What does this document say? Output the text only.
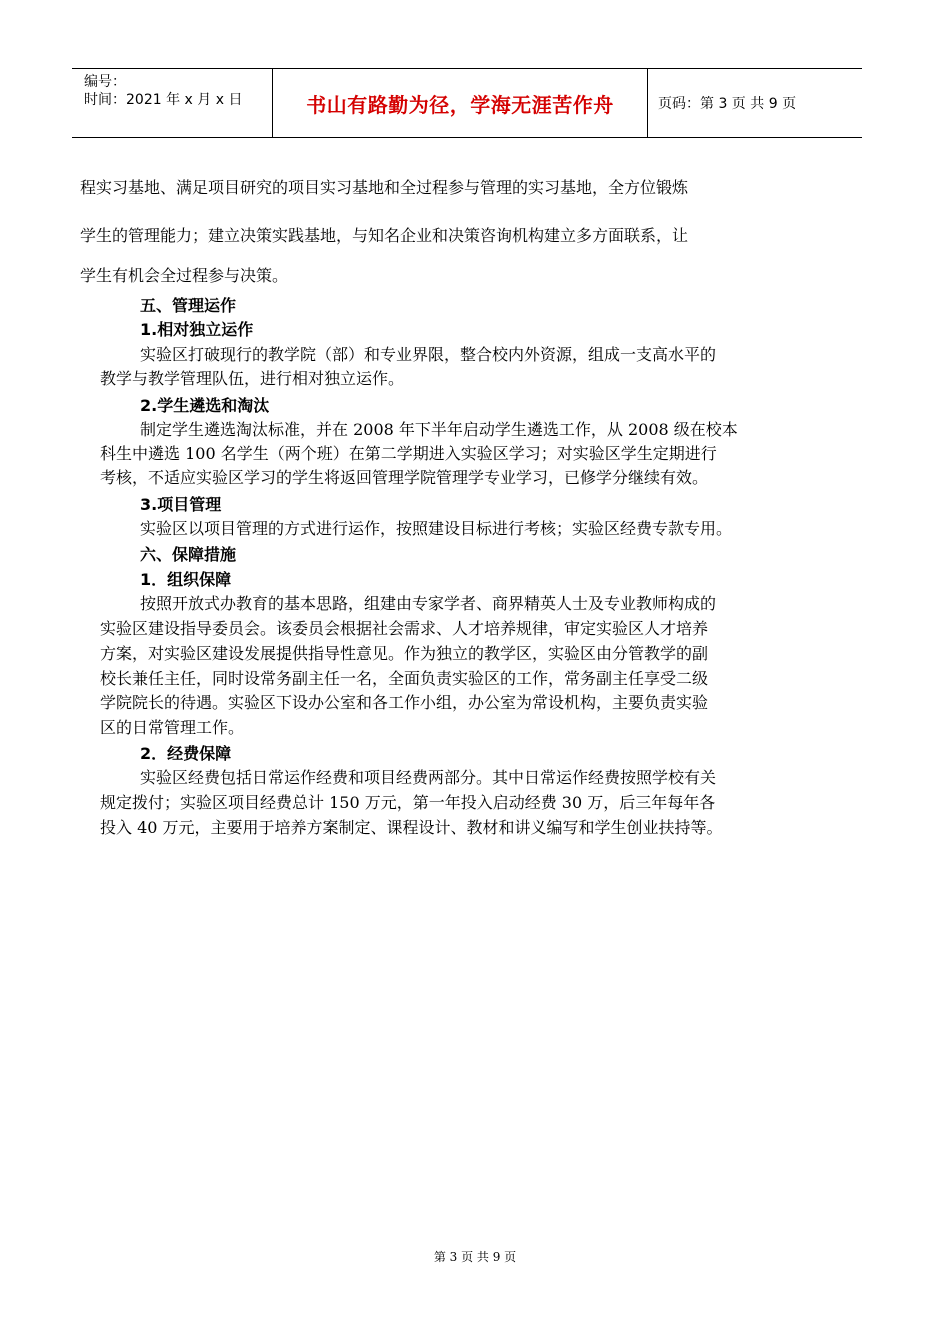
编号：
时间：2021 年 x 月 x 日	书山有路勤为径，学海无涯苦作舟	页码：第 3 页 共 9 页
程实习基地、满足项目研究的项目实习基地和全过程参与管理的实习基地，全方位锻炼
学生的管理能力；建立决策实践基地，与知名企业和决策咨询机构建立多方面联系，让
学生有机会全过程参与决策。
五、管理运作
1.相对独立运作
实验区打破现行的教学院（部）和专业界限，整合校内外资源，组成一支高水平的
教学与教学管理队伍，进行相对独立运作。
2.学生遴选和淘汰
制定学生遴选淘汰标准，并在 2008 年下半年启动学生遴选工作，从 2008 级在校本
科生中遴选 100 名学生（两个班）在第二学期进入实验区学习；对实验区学生定期进行
考核，不适应实验区学习的学生将返回管理学院管理学专业学习，已修学分继续有效。
3.项目管理
实验区以项目管理的方式进行运作，按照建设目标进行考核；实验区经费专款专用。
六、保障措施
1．组织保障
按照开放式办教育的基本思路，组建由专家学者、商界精英人士及专业教师构成的
实验区建设指导委员会。该委员会根据社会需求、人才培养规律，审定实验区人才培养
方案，对实验区建设发展提供指导性意见。作为独立的教学区，实验区由分管教学的副
校长兼任主任，同时设常务副主任一名，全面负责实验区的工作，常务副主任享受二级
学院院长的待遇。实验区下设办公室和各工作小组，办公室为常设机构，主要负责实验
区的日常管理工作。
2．经费保障
实验区经费包括日常运作经费和项目经费两部分。其中日常运作经费按照学校有关
规定拨付；实验区项目经费总计 150 万元，第一年投入启动经费 30 万，后三年每年各
投入 40 万元，主要用于培养方案制定、课程设计、教材和讲义编写和学生创业扶持等。
第 3 页 共 9 页
